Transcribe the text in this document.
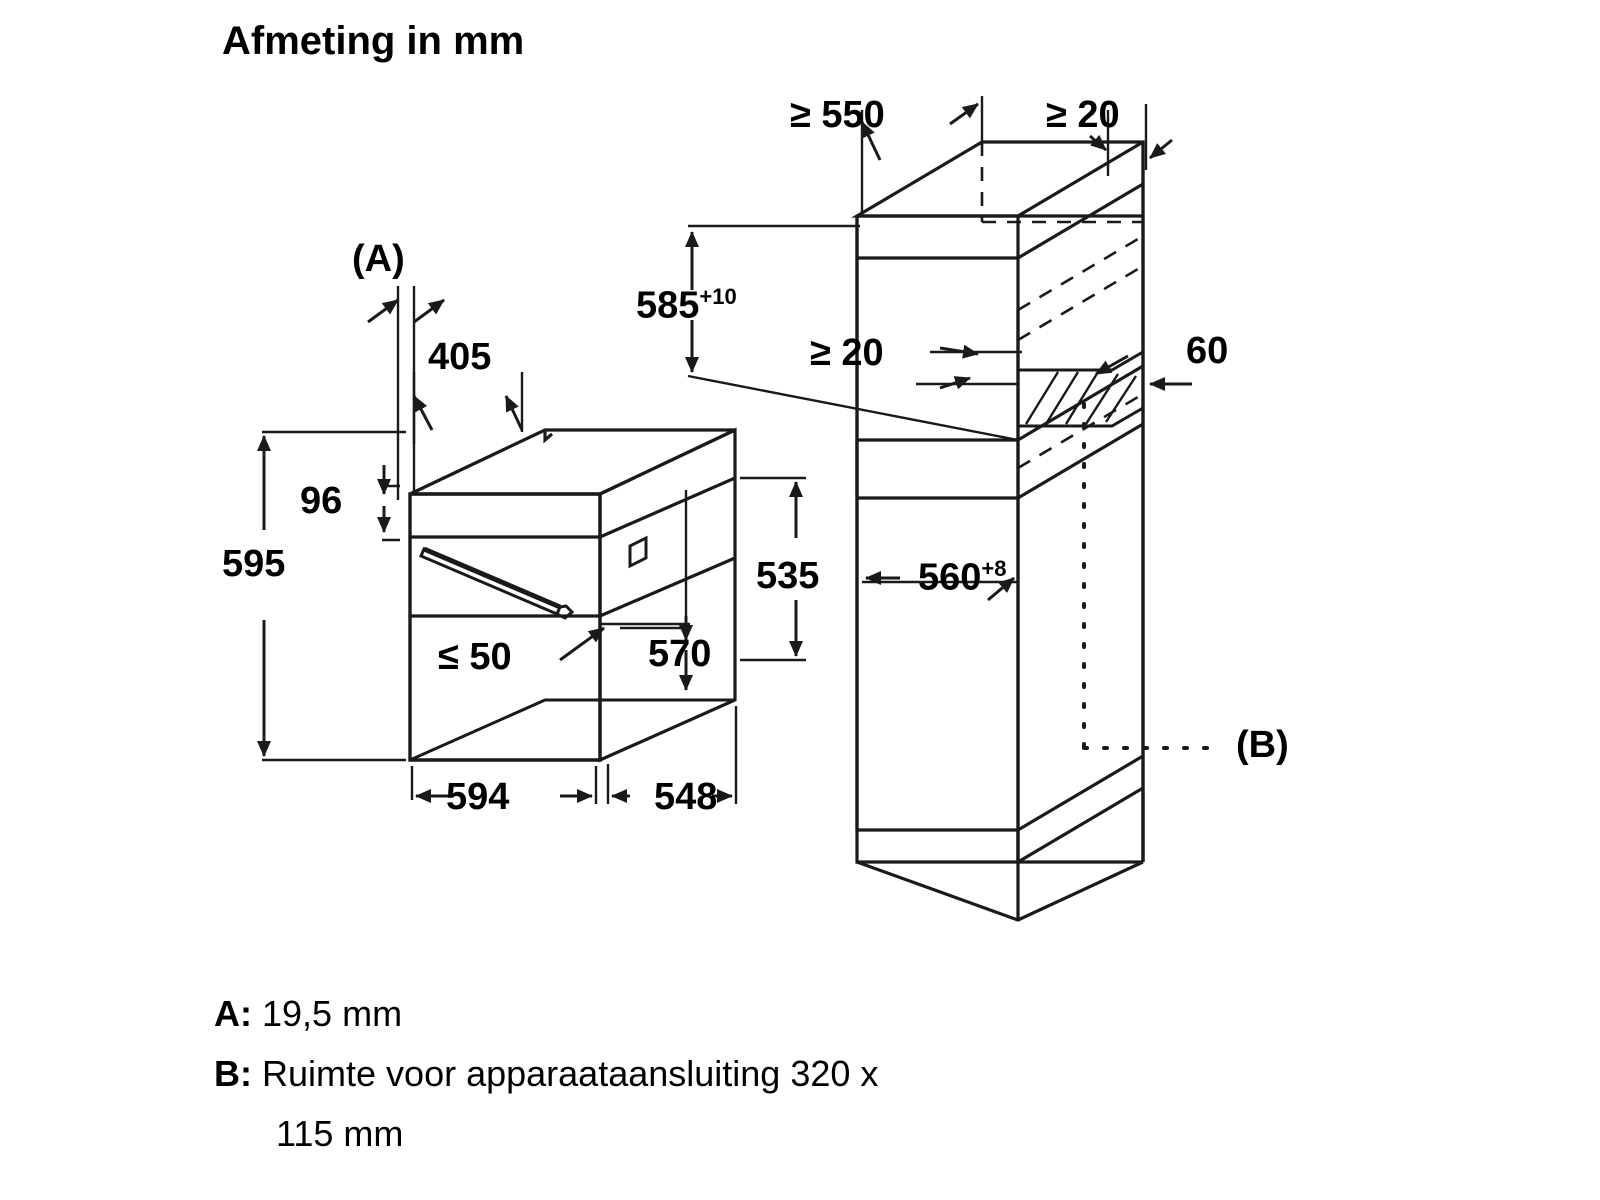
Afmeting in mm
(A)
405
96
595
≤ 50	570
535
594	548
≥ 550	≥ 20
$585^{+10}$
≥ 20	60
$560^{+8}$
(B)
A: 19,5 mm
B: Ruimte voor apparaataansluiting 320 x
115 mm
